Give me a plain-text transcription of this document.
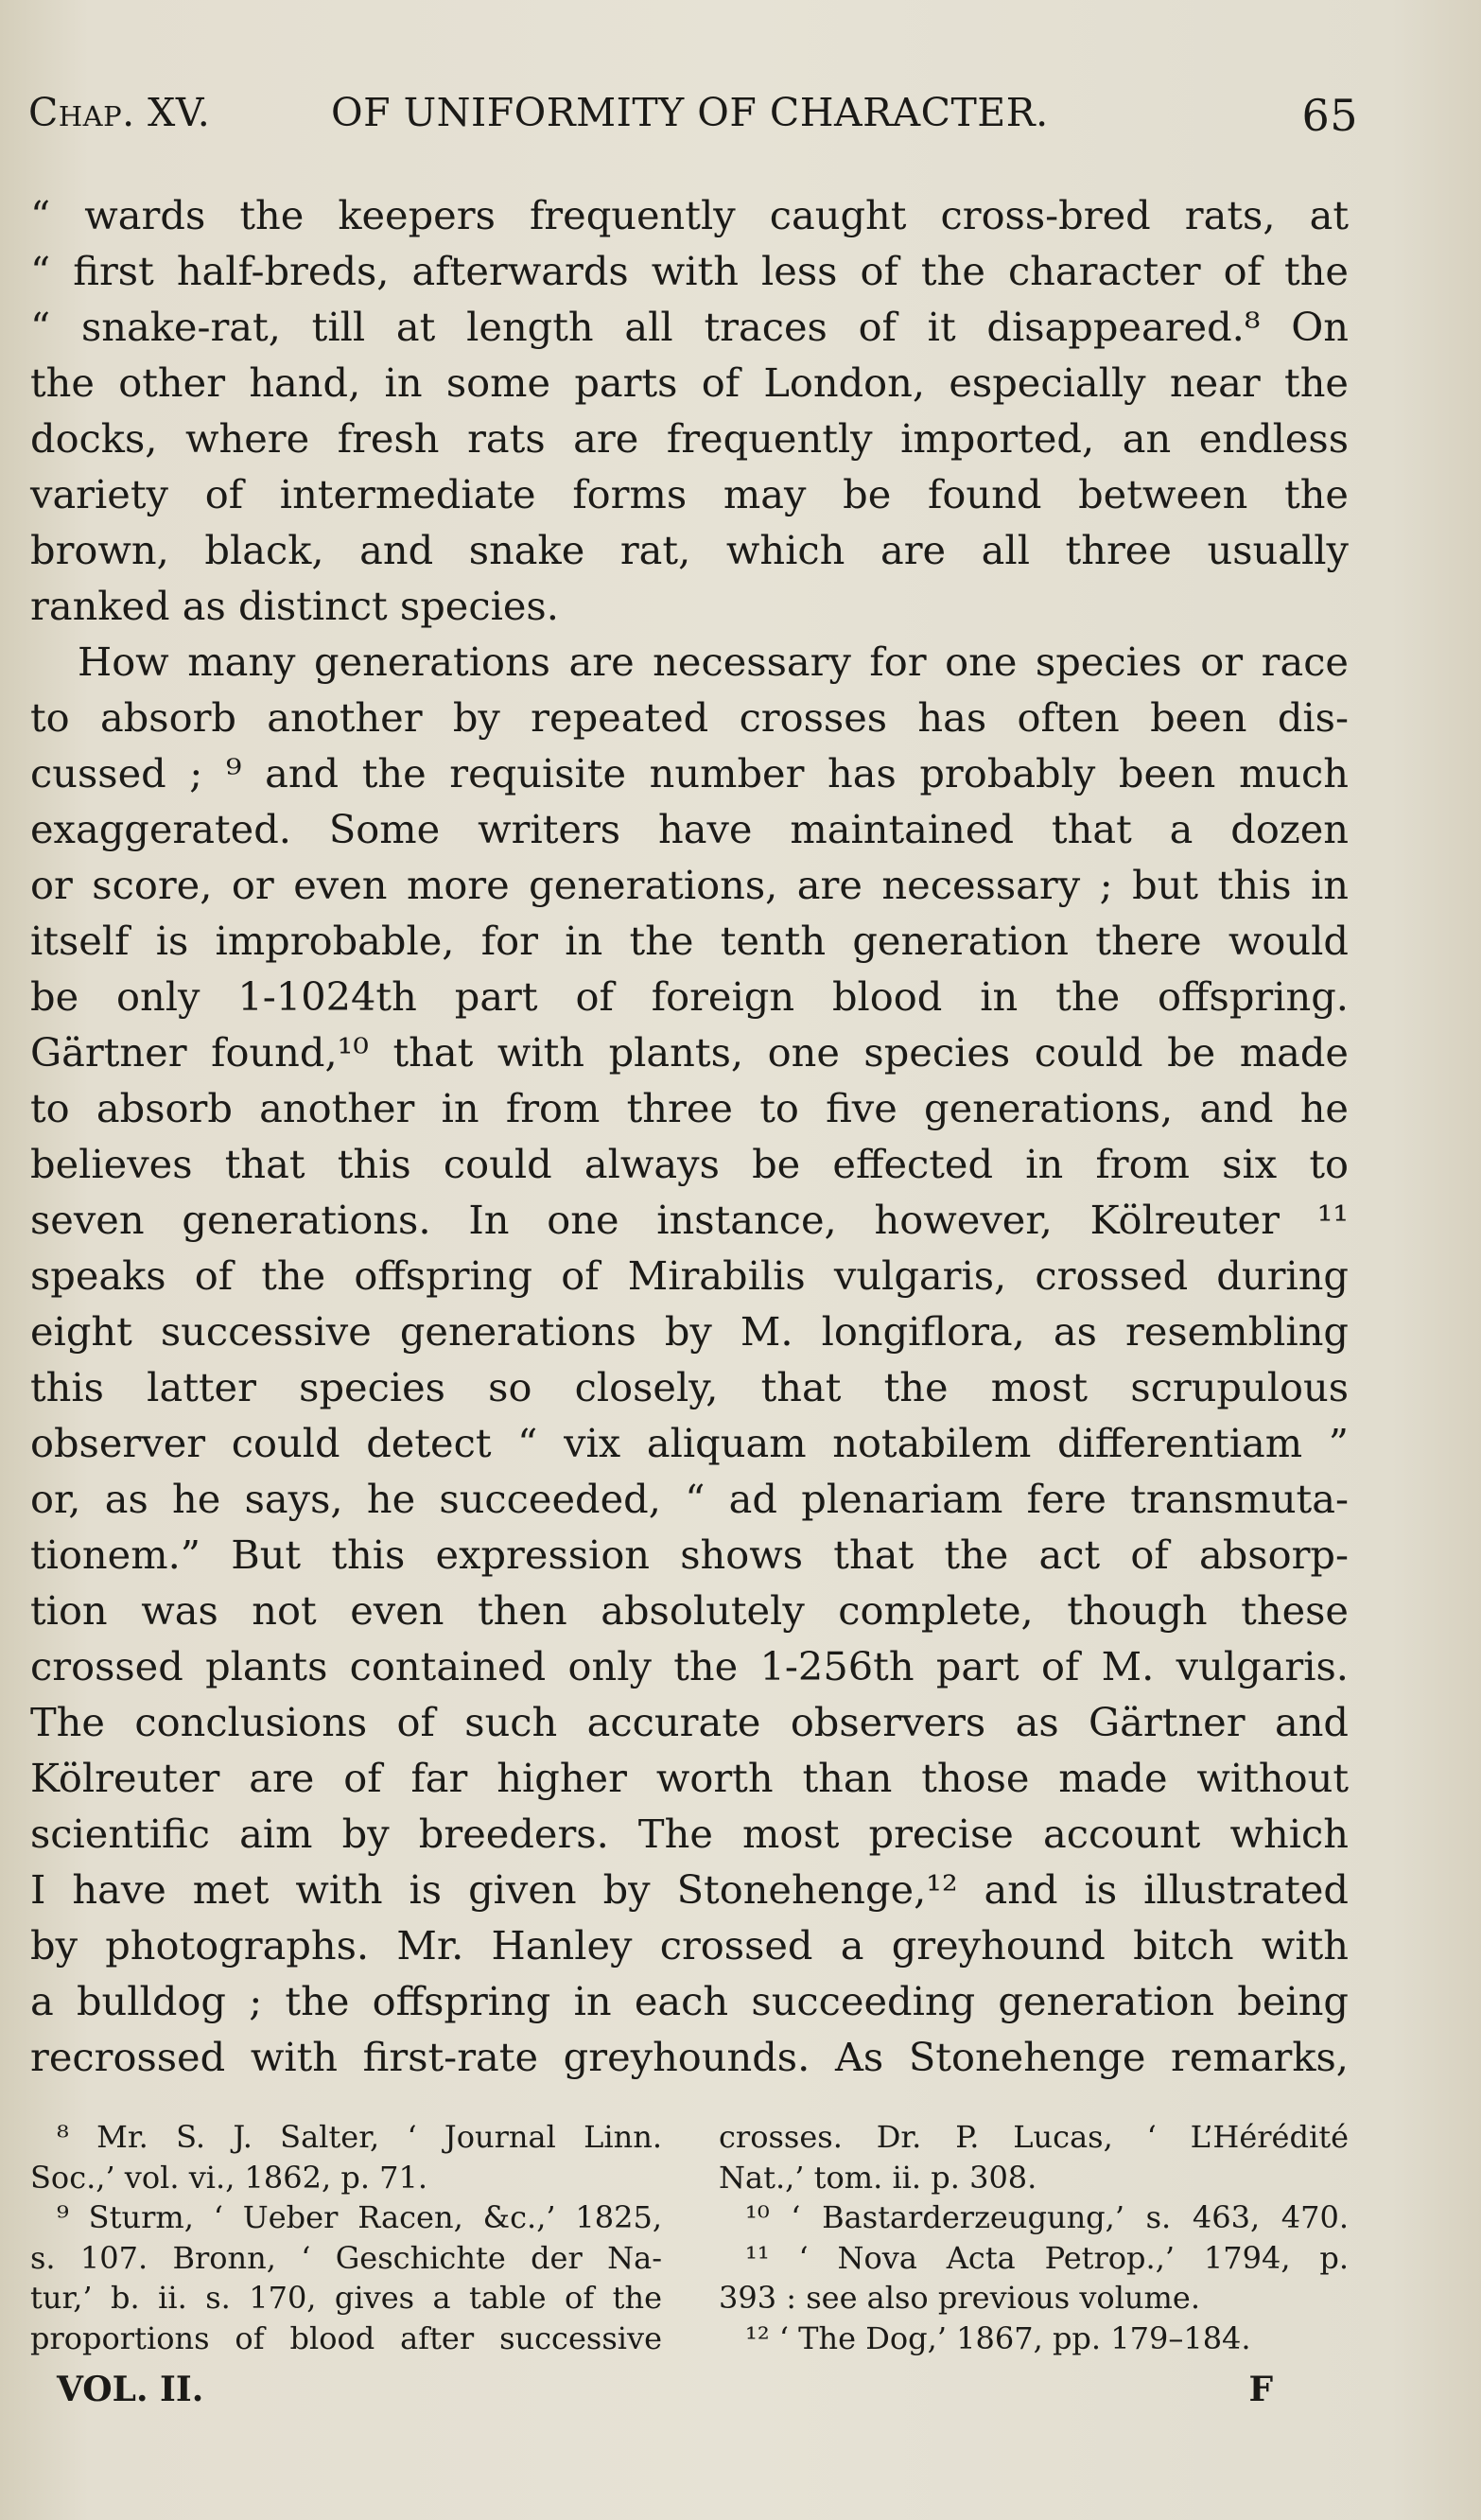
Chap. XV.	OF UNIFORMITY OF CHARACTER.	65
“ wards the keepers frequently caught cross-bred rats, at
“ first half-breds, afterwards with less of the character of the
“ snake-rat, till at length all traces of it disappeared.⁸ On
the other hand, in some parts of London, especially near the
docks, where fresh rats are frequently imported, an endless
variety of intermediate forms may be found between the
brown, black, and snake rat, which are all three usually
ranked as distinct species.
How many generations are necessary for one species or race
to absorb another by repeated crosses has often been dis-
cussed ; ⁹ and the requisite number has probably been much
exaggerated. Some writers have maintained that a dozen
or score, or even more generations, are necessary ; but this in
itself is improbable, for in the tenth generation there would
be only 1-1024th part of foreign blood in the offspring.
Gärtner found,¹⁰ that with plants, one species could be made
to absorb another in from three to five generations, and he
believes that this could always be effected in from six to
seven generations. In one instance, however, Kölreuter ¹¹
speaks of the offspring of Mirabilis vulgaris, crossed during
eight successive generations by M. longiflora, as resembling
this latter species so closely, that the most scrupulous
observer could detect “ vix aliquam notabilem differentiam ”
or, as he says, he succeeded, “ ad plenariam fere transmuta-
tionem.” But this expression shows that the act of absorp-
tion was not even then absolutely complete, though these
crossed plants contained only the 1-256th part of M. vulgaris.
The conclusions of such accurate observers as Gärtner and
Kölreuter are of far higher worth than those made without
scientific aim by breeders. The most precise account which
I have met with is given by Stonehenge,¹² and is illustrated
by photographs. Mr. Hanley crossed a greyhound bitch with
a bulldog ; the offspring in each succeeding generation being
recrossed with first-rate greyhounds. As Stonehenge remarks,
⁸ Mr. S. J. Salter, ‘ Journal Linn.
Soc.,’ vol. vi., 1862, p. 71.
⁹ Sturm, ‘ Ueber Racen, &c.,’ 1825,
s. 107. Bronn, ‘ Geschichte der Na-
tur,’ b. ii. s. 170, gives a table of the
proportions of blood after successive
crosses. Dr. P. Lucas, ‘ L’Hérédité
Nat.,’ tom. ii. p. 308.
¹⁰ ‘ Bastarderzeugung,’ s. 463, 470.
¹¹ ‘ Nova Acta Petrop.,’ 1794, p.
393 : see also previous volume.
¹² ‘ The Dog,’ 1867, pp. 179–184.
VOL. II.	F
